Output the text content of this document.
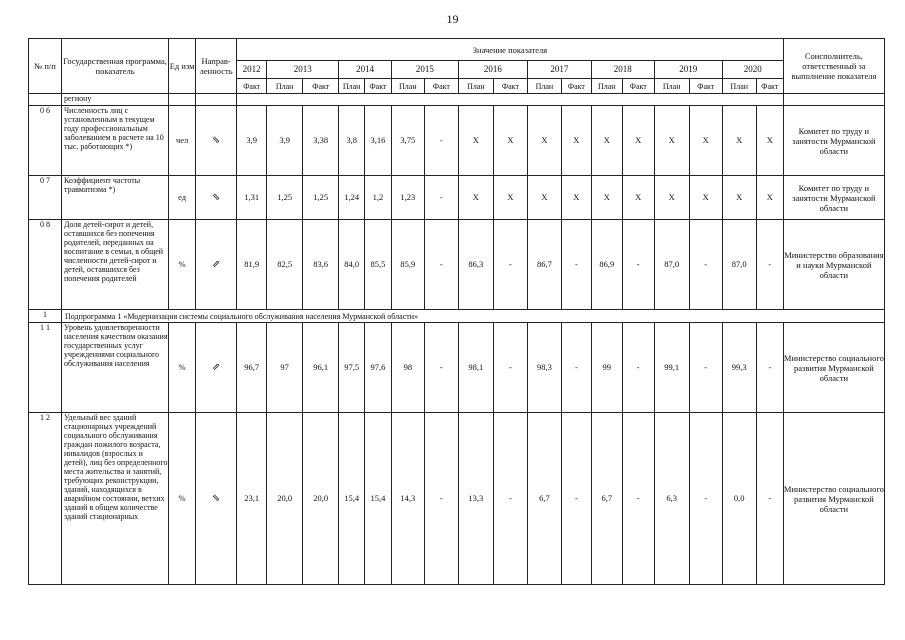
19
№ п/п	Государственная программа, показатель	Ед изм	Направ-ленность	Значение показателя																	Соисполнитель, ответственный за выполнение показателя
				2012	2013		2014		2015		2016		2017		2018		2019		2020		
				Факт	План	Факт	План	Факт	План	Факт	План	Факт	План	Факт	План	Факт	План	Факт	План	Факт	
	регионy																				
0 6	Численность лиц с установленным в текущем году профессиональным заболеванием в расчете на 10 тыс. работающих *)	чел	⇘	3,9	3,9	3,38	3,8	3,16	3,75	-	Х	Х	Х	Х	Х	Х	Х	Х	Х	Х	Комитет по труду и занятости Мурманской области
0 7	Коэффициент частоты травматизма *)	ед	⇘	1,31	1,25	1,25	1,24	1,2	1,23	-	Х	Х	Х	Х	Х	Х	Х	Х	Х	Х	Комитет по труду и занятости Мурманской области
0 8	Доля детей-сирот и детей, оставшихся без попечения родителей, переданных на воспитание в семьи, в общей численности детей-сирот и детей, оставшихся без попечения родителей	%	⇗	81,9	82,5	83,6	84,0	85,5	85,9	-	86,3	-	86,7	-	86,9	-	87,0	-	87,0	-	Министерство образования и науки Мурманской области
1	Подпрограмма 1 «Модернизация системы социального обслуживания населения Мурманской области»																				
1 1	Уровень удовлетворенности населения качеством оказания государственных услуг учреждениями социального обслуживания населения	%	⇗	96,7	97	96,1	97,5	97,6	98	-	98,1	-	98,3	-	99	-	99,1	-	99,3	-	Министерство социального развития Мурманской области
1 2	Удельный вес зданий стационарных учреждений социального обслуживания граждан пожилого возраста, инвалидов (взрослых и детей), лиц без определенного места жительства и занятий, требующих реконструкции, зданий, находящихся в аварийном состоянии, ветхих зданий в общем количестве зданий стационарных	%	⇘	23,1	20,0	20,0	15,4	15,4	14,3	-	13,3	-	6,7	-	6,7	-	6,3	-	0,0	-	Министерство социального развития Мурманской области
